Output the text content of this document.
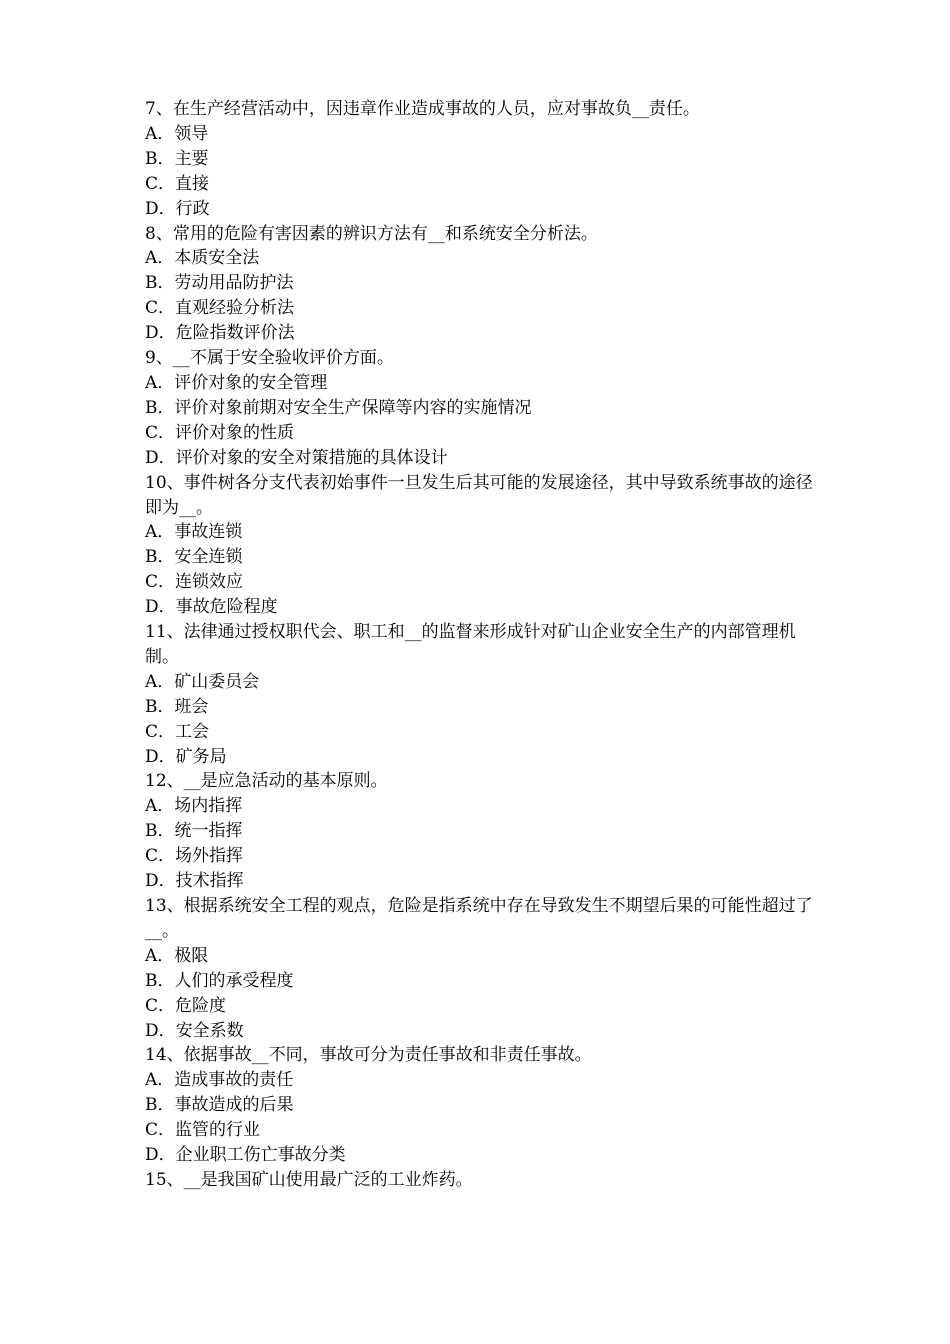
7、在生产经营活动中，因违章作业造成事故的人员，应对事故负__责任。

A．领导

B．主要

C．直接

D．行政

8、常用的危险有害因素的辨识方法有__和系统安全分析法。

A．本质安全法

B．劳动用品防护法

C．直观经验分析法

D．危险指数评价法

9、__不属于安全验收评价方面。

A．评价对象的安全管理

B．评价对象前期对安全生产保障等内容的实施情况

C．评价对象的性质

D．评价对象的安全对策措施的具体设计

10、事件树各分支代表初始事件一旦发生后其可能的发展途径，其中导致系统事故的途径即为__。

A．事故连锁

B．安全连锁

C．连锁效应

D．事故危险程度

11、法律通过授权职代会、职工和__的监督来形成针对矿山企业安全生产的内部管理机制。

A．矿山委员会

B．班会

C．工会

D．矿务局

12、__是应急活动的基本原则。

A．场内指挥

B．统一指挥

C．场外指挥

D．技术指挥

13、根据系统安全工程的观点，危险是指系统中存在导致发生不期望后果的可能性超过了__。

A．极限

B．人们的承受程度

C．危险度

D．安全系数

14、依据事故__不同，事故可分为责任事故和非责任事故。

A．造成事故的责任

B．事故造成的后果

C．监管的行业

D．企业职工伤亡事故分类

15、__是我国矿山使用最广泛的工业炸药。
